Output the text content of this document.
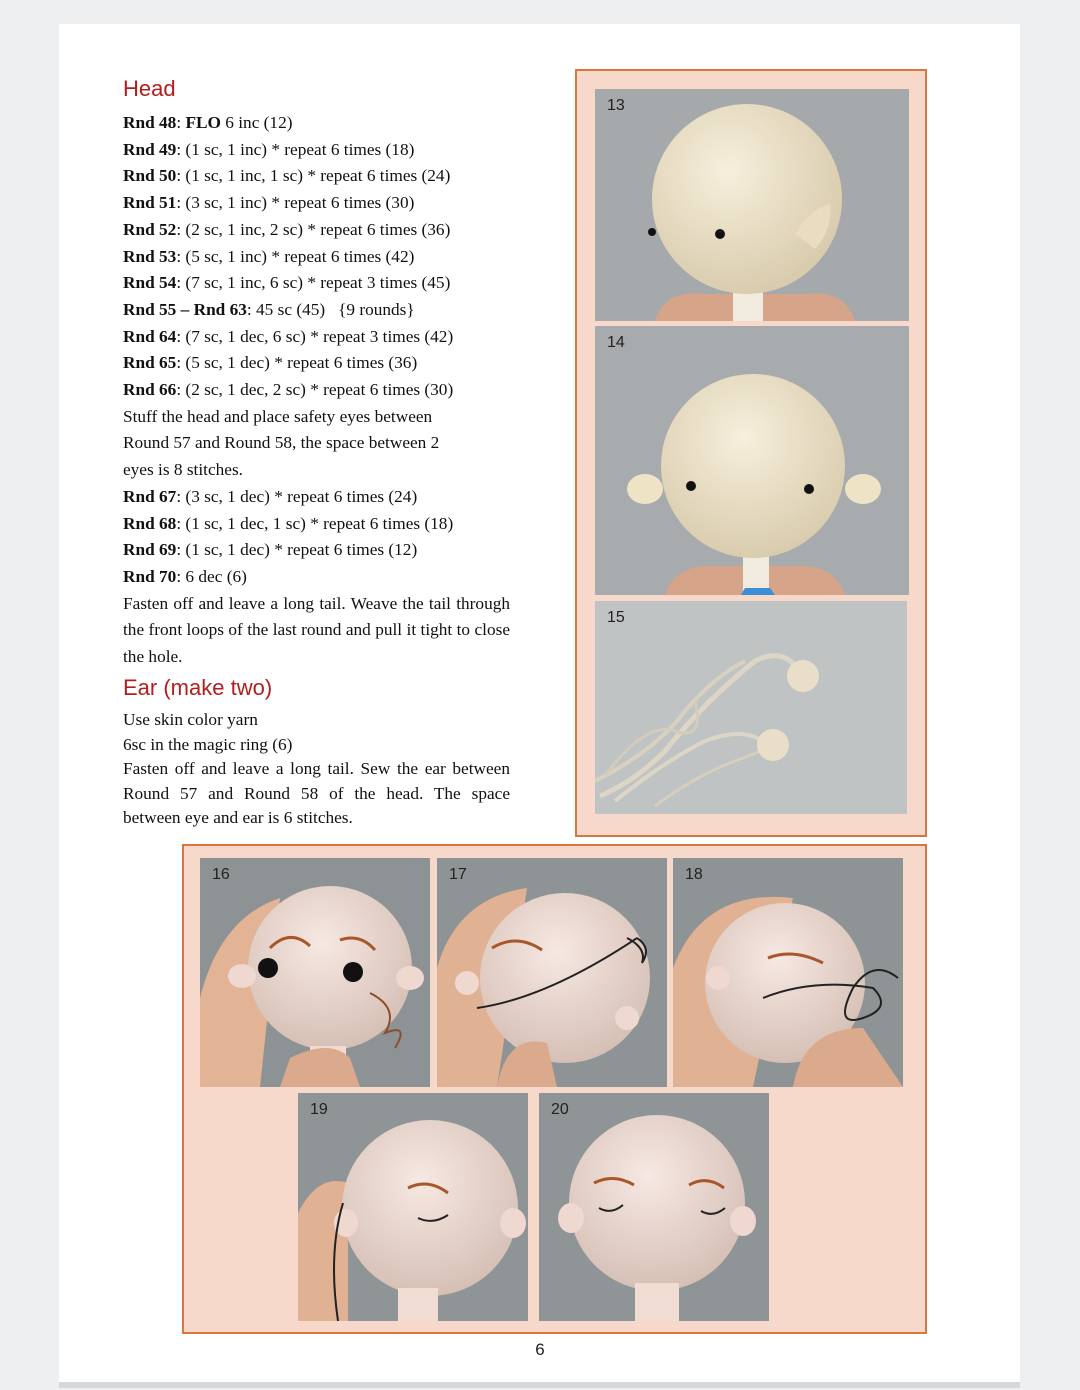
Head
Rnd 48: FLO 6 inc (12)
Rnd 49: (1 sc, 1 inc) * repeat 6 times (18)
Rnd 50: (1 sc, 1 inc, 1 sc) * repeat 6 times (24)
Rnd 51: (3 sc, 1 inc) * repeat 6 times (30)
Rnd 52: (2 sc, 1 inc, 2 sc) * repeat 6 times (36)
Rnd 53: (5 sc, 1 inc) * repeat 6 times (42)
Rnd 54: (7 sc, 1 inc, 6 sc) * repeat 3 times (45)
Rnd 55 – Rnd 63: 45 sc (45)   {9 rounds}
Rnd 64: (7 sc, 1 dec, 6 sc) * repeat 3 times (42)
Rnd 65: (5 sc, 1 dec) * repeat 6 times (36)
Rnd 66: (2 sc, 1 dec, 2 sc) * repeat 6 times (30)
Stuff the head and place safety eyes between
Round 57 and Round 58, the space between 2
eyes is 8 stitches.
Rnd 67: (3 sc, 1 dec) * repeat 6 times (24)
Rnd 68: (1 sc, 1 dec, 1 sc) * repeat 6 times (18)
Rnd 69: (1 sc, 1 dec) * repeat 6 times (12)
Rnd 70: 6 dec (6)
Fasten off and leave a long tail. Weave the tail through the front loops of the last round and pull it tight to close the hole.
Ear (make two)
Use skin color yarn
6sc in the magic ring (6)
Fasten off and leave a long tail. Sew the ear between Round 57 and Round 58 of the head. The space between eye and ear is 6 stitches.
13
14
15
16	17	18
19	20
6
